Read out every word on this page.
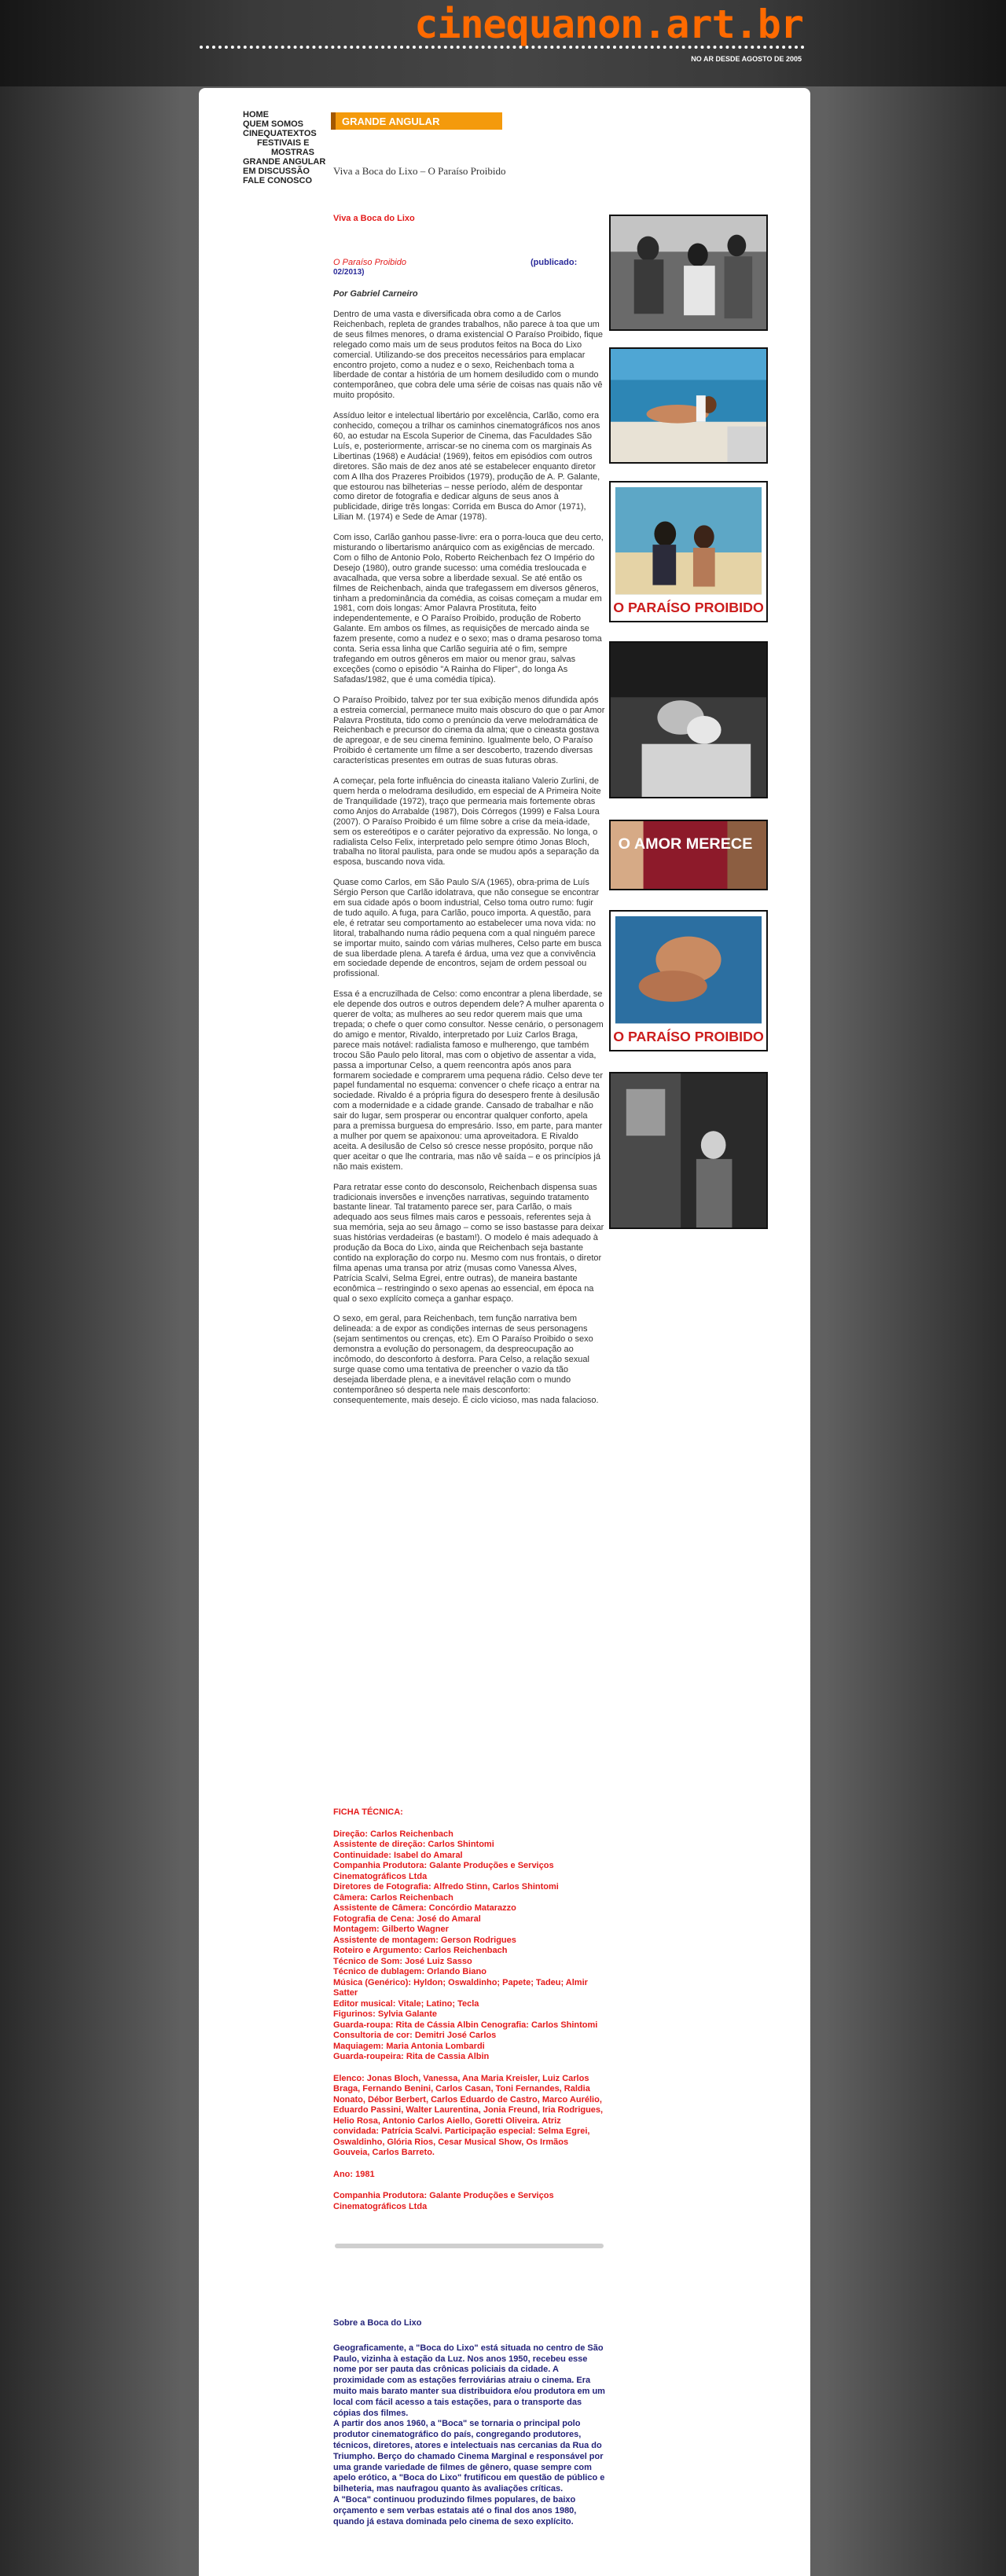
cinequanon.art.br
NO AR DESDE AGOSTO DE 2005
HOME
QUEM SOMOS
CINEQUATEXTOS
FESTIVAIS E
MOSTRAS
GRANDE ANGULAR
EM DISCUSSÃO
FALE CONOSCO
GRANDE ANGULAR
Viva a Boca do Lixo – O Paraíso Proibido
Viva a Boca do Lixo
O Paraíso Proibido	(publicado:
02/2013)
Por Gabriel Carneiro

Dentro de uma vasta e diversificada obra como a de Carlos Reichenbach, repleta de grandes trabalhos, não parece à toa que um de seus filmes menores, o drama existencial O Paraíso Proibido, fique relegado como mais um de seus produtos feitos na Boca do Lixo comercial. Utilizando-se dos preceitos necessários para emplacar encontro projeto, como a nudez e o sexo, Reichenbach toma a liberdade de contar a história de um homem desiludido com o mundo contemporâneo, que cobra dele uma série de coisas nas quais não vê muito propósito.

Assíduo leitor e intelectual libertário por excelência, Carlão, como era conhecido, começou a trilhar os caminhos cinematográficos nos anos 60, ao estudar na Escola Superior de Cinema, das Faculdades São Luís, e, posteriormente, arriscar-se no cinema com os marginais As Libertinas (1968) e Audácia! (1969), feitos em episódios com outros diretores. São mais de dez anos até se estabelecer enquanto diretor com A Ilha dos Prazeres Proibidos (1979), produção de A. P. Galante, que estourou nas bilheterias – nesse período, além de despontar como diretor de fotografia e dedicar alguns de seus anos à publicidade, dirige três longas: Corrida em Busca do Amor (1971), Lilian M. (1974) e Sede de Amar (1978).

Com isso, Carlão ganhou passe-livre: era o porra-louca que deu certo, misturando o libertarismo anárquico com as exigências de mercado. Com o filho de Antonio Polo, Roberto Reichenbach fez O Império do Desejo (1980), outro grande sucesso: uma comédia tresloucada e avacalhada, que versa sobre a liberdade sexual. Se até então os filmes de Reichenbach, ainda que trafegassem em diversos gêneros, tinham a predominância da comédia, as coisas começam a mudar em 1981, com dois longas: Amor Palavra Prostituta, feito independentemente, e O Paraíso Proibido, produção de Roberto Galante. Em ambos os filmes, as requisições de mercado ainda se fazem presente, como a nudez e o sexo; mas o drama pesaroso toma conta. Seria essa linha que Carlão seguiria até o fim, sempre trafegando em outros gêneros em maior ou menor grau, salvas exceções (como o episódio "A Rainha do Fliper", do longa As Safadas/1982, que é uma comédia típica).

O Paraíso Proibido, talvez por ter sua exibição menos difundida após a estreia comercial, permanece muito mais obscuro do que o par Amor Palavra Prostituta, tido como o prenúncio da verve melodramática de Reichenbach e precursor do cinema da alma; que o cineasta gostava de apregoar, e de seu cinema feminino. Igualmente belo, O Paraíso Proibido é certamente um filme a ser descoberto, trazendo diversas características presentes em outras de suas futuras obras.

A começar, pela forte influência do cineasta italiano Valerio Zurlini, de quem herda o melodrama desiludido, em especial de A Primeira Noite de Tranquilidade (1972), traço que permearia mais fortemente obras como Anjos do Arrabalde (1987), Dois Córregos (1999) e Falsa Loura (2007). O Paraíso Proibido é um filme sobre a crise da meia-idade, sem os estereótipos e o caráter pejorativo da expressão. No longa, o radialista Celso Felix, interpretado pelo sempre ótimo Jonas Bloch, trabalha no litoral paulista, para onde se mudou após a separação da esposa, buscando nova vida.

Quase como Carlos, em São Paulo S/A (1965), obra-prima de Luís Sérgio Person que Carlão idolatrava, que não consegue se encontrar em sua cidade após o boom industrial, Celso toma outro rumo: fugir de tudo aquilo. A fuga, para Carlão, pouco importa. A questão, para ele, é retratar seu comportamento ao estabelecer uma nova vida: no litoral, trabalhando numa rádio pequena com a qual ninguém parece se importar muito, saindo com várias mulheres, Celso parte em busca de sua liberdade plena. A tarefa é árdua, uma vez que a convivência em sociedade depende de encontros, sejam de ordem pessoal ou profissional.

Essa é a encruzilhada de Celso: como encontrar a plena liberdade, se ele depende dos outros e outros dependem dele? A mulher aparenta o querer de volta; as mulheres ao seu redor querem mais que uma trepada; o chefe o quer como consultor. Nesse cenário, o personagem do amigo e mentor, Rivaldo, interpretado por Luiz Carlos Braga, parece mais notável: radialista famoso e mulherengo, que também trocou São Paulo pelo litoral, mas com o objetivo de assentar a vida, passa a importunar Celso, a quem reencontra após anos para formarem sociedade e comprarem uma pequena rádio. Celso deve ter papel fundamental no esquema: convencer o chefe ricaço a entrar na sociedade. Rivaldo é a própria figura do desespero frente à desilusão com a modernidade e a cidade grande. Cansado de trabalhar e não sair do lugar, sem prosperar ou encontrar qualquer conforto, apela para a premissa burguesa do empresário. Isso, em parte, para manter a mulher por quem se apaixonou: uma aproveitadora. E Rivaldo aceita. A desilusão de Celso só cresce nesse propósito, porque não quer aceitar o que lhe contraria, mas não vê saída – e os princípios já não mais existem.

Para retratar esse conto do desconsolo, Reichenbach dispensa suas tradicionais inversões e invenções narrativas, seguindo tratamento bastante linear. Tal tratamento parece ser, para Carlão, o mais adequado aos seus filmes mais caros e pessoais, referentes seja à sua memória, seja ao seu âmago – como se isso bastasse para deixar suas histórias verdadeiras (e bastam!). O modelo é mais adequado à produção da Boca do Lixo, ainda que Reichenbach seja bastante contido na exploração do corpo nu. Mesmo com nus frontais, o diretor filma apenas uma transa por atriz (musas como Vanessa Alves, Patrícia Scalvi, Selma Egrei, entre outras), de maneira bastante econômica – restringindo o sexo apenas ao essencial, em época na qual o sexo explícito começa a ganhar espaço.

O sexo, em geral, para Reichenbach, tem função narrativa bem delineada: a de expor as condições internas de seus personagens (sejam sentimentos ou crenças, etc). Em O Paraíso Proibido o sexo demonstra a evolução do personagem, da despreocupação ao incômodo, do desconforto à desforra. Para Celso, a relação sexual surge quase como uma tentativa de preencher o vazio da tão desejada liberdade plena, e a inevitável relação com o mundo contemporâneo só desperta nele mais desconforto: consequentemente, mais desejo. É ciclo vicioso, mas nada falacioso.

FICHA TÉCNICA:
Direção: Carlos Reichenbach
Assistente de direção: Carlos Shintomi
Continuidade: Isabel do Amaral
Companhia Produtora: Galante Produções e Serviços Cinematográficos Ltda
Diretores de Fotografia: Alfredo Stinn, Carlos Shintomi
Câmera: Carlos Reichenbach
Assistente de Câmera: Concórdio Matarazzo
Fotografia de Cena: José do Amaral
Montagem: Gilberto Wagner
Assistente de montagem: Gerson Rodrigues
Roteiro e Argumento: Carlos Reichenbach
Técnico de Som: José Luiz Sasso
Técnico de dublagem: Orlando Biano
Música (Genérico): Hyldon; Oswaldinho; Papete; Tadeu; Almir Satter
Editor musical: Vitale; Latino; Tecla
Figurinos: Sylvia Galante
Guarda-roupa: Rita de Cássia Albin Cenografia: Carlos Shintomi
Consultoria de cor: Demitri José Carlos
Maquiagem: Maria Antonia Lombardi
Guarda-roupeira: Rita de Cassia Albin
Elenco: Jonas Bloch, Vanessa, Ana Maria Kreisler, Luiz Carlos Braga, Fernando Benini, Carlos Casan, Toni Fernandes, Raldia Nonato, Débor Berbert, Carlos Eduardo de Castro, Marco Aurélio, Eduardo Passini, Walter Laurentina, Jonia Freund, Iria Rodrigues, Helio Rosa, Antonio Carlos Aiello, Goretti Oliveira. Atriz convidada: Patrícia Scalvi. Participação especial: Selma Egrei, Oswaldinho, Glória Rios, Cesar Musical Show, Os Irmãos Gouveia, Carlos Barreto.
Ano: 1981
Companhia Produtora: Galante Produções e Serviços Cinematográficos Ltda
Sobre a Boca do Lixo
Geograficamente, a "Boca do Lixo" está situada no centro de São Paulo, vizinha à estação da Luz. Nos anos 1950, recebeu esse nome por ser pauta das crônicas policiais da cidade. A proximidade com as estações ferroviárias atraiu o cinema. Era muito mais barato manter sua distribuidora e/ou produtora em um local com fácil acesso a tais estações, para o transporte das cópias dos filmes.
A partir dos anos 1960, a "Boca" se tornaria o principal polo produtor cinematográfico do país, congregando produtores, técnicos, diretores, atores e intelectuais nas cercanias da Rua do Triumpho. Berço do chamado Cinema Marginal e responsável por uma grande variedade de filmes de gênero, quase sempre com apelo erótico, a "Boca do Lixo" frutificou em questão de público e bilheteria, mas naufragou quanto às avaliações críticas.
A "Boca" continuou produzindo filmes populares, de baixo orçamento e sem verbas estatais até o final dos anos 1980, quando já estava dominada pelo cinema de sexo explícito.
O PARAÍSO PROIBIDO
O AMOR MERECE
O PARAÍSO PROIBIDO
